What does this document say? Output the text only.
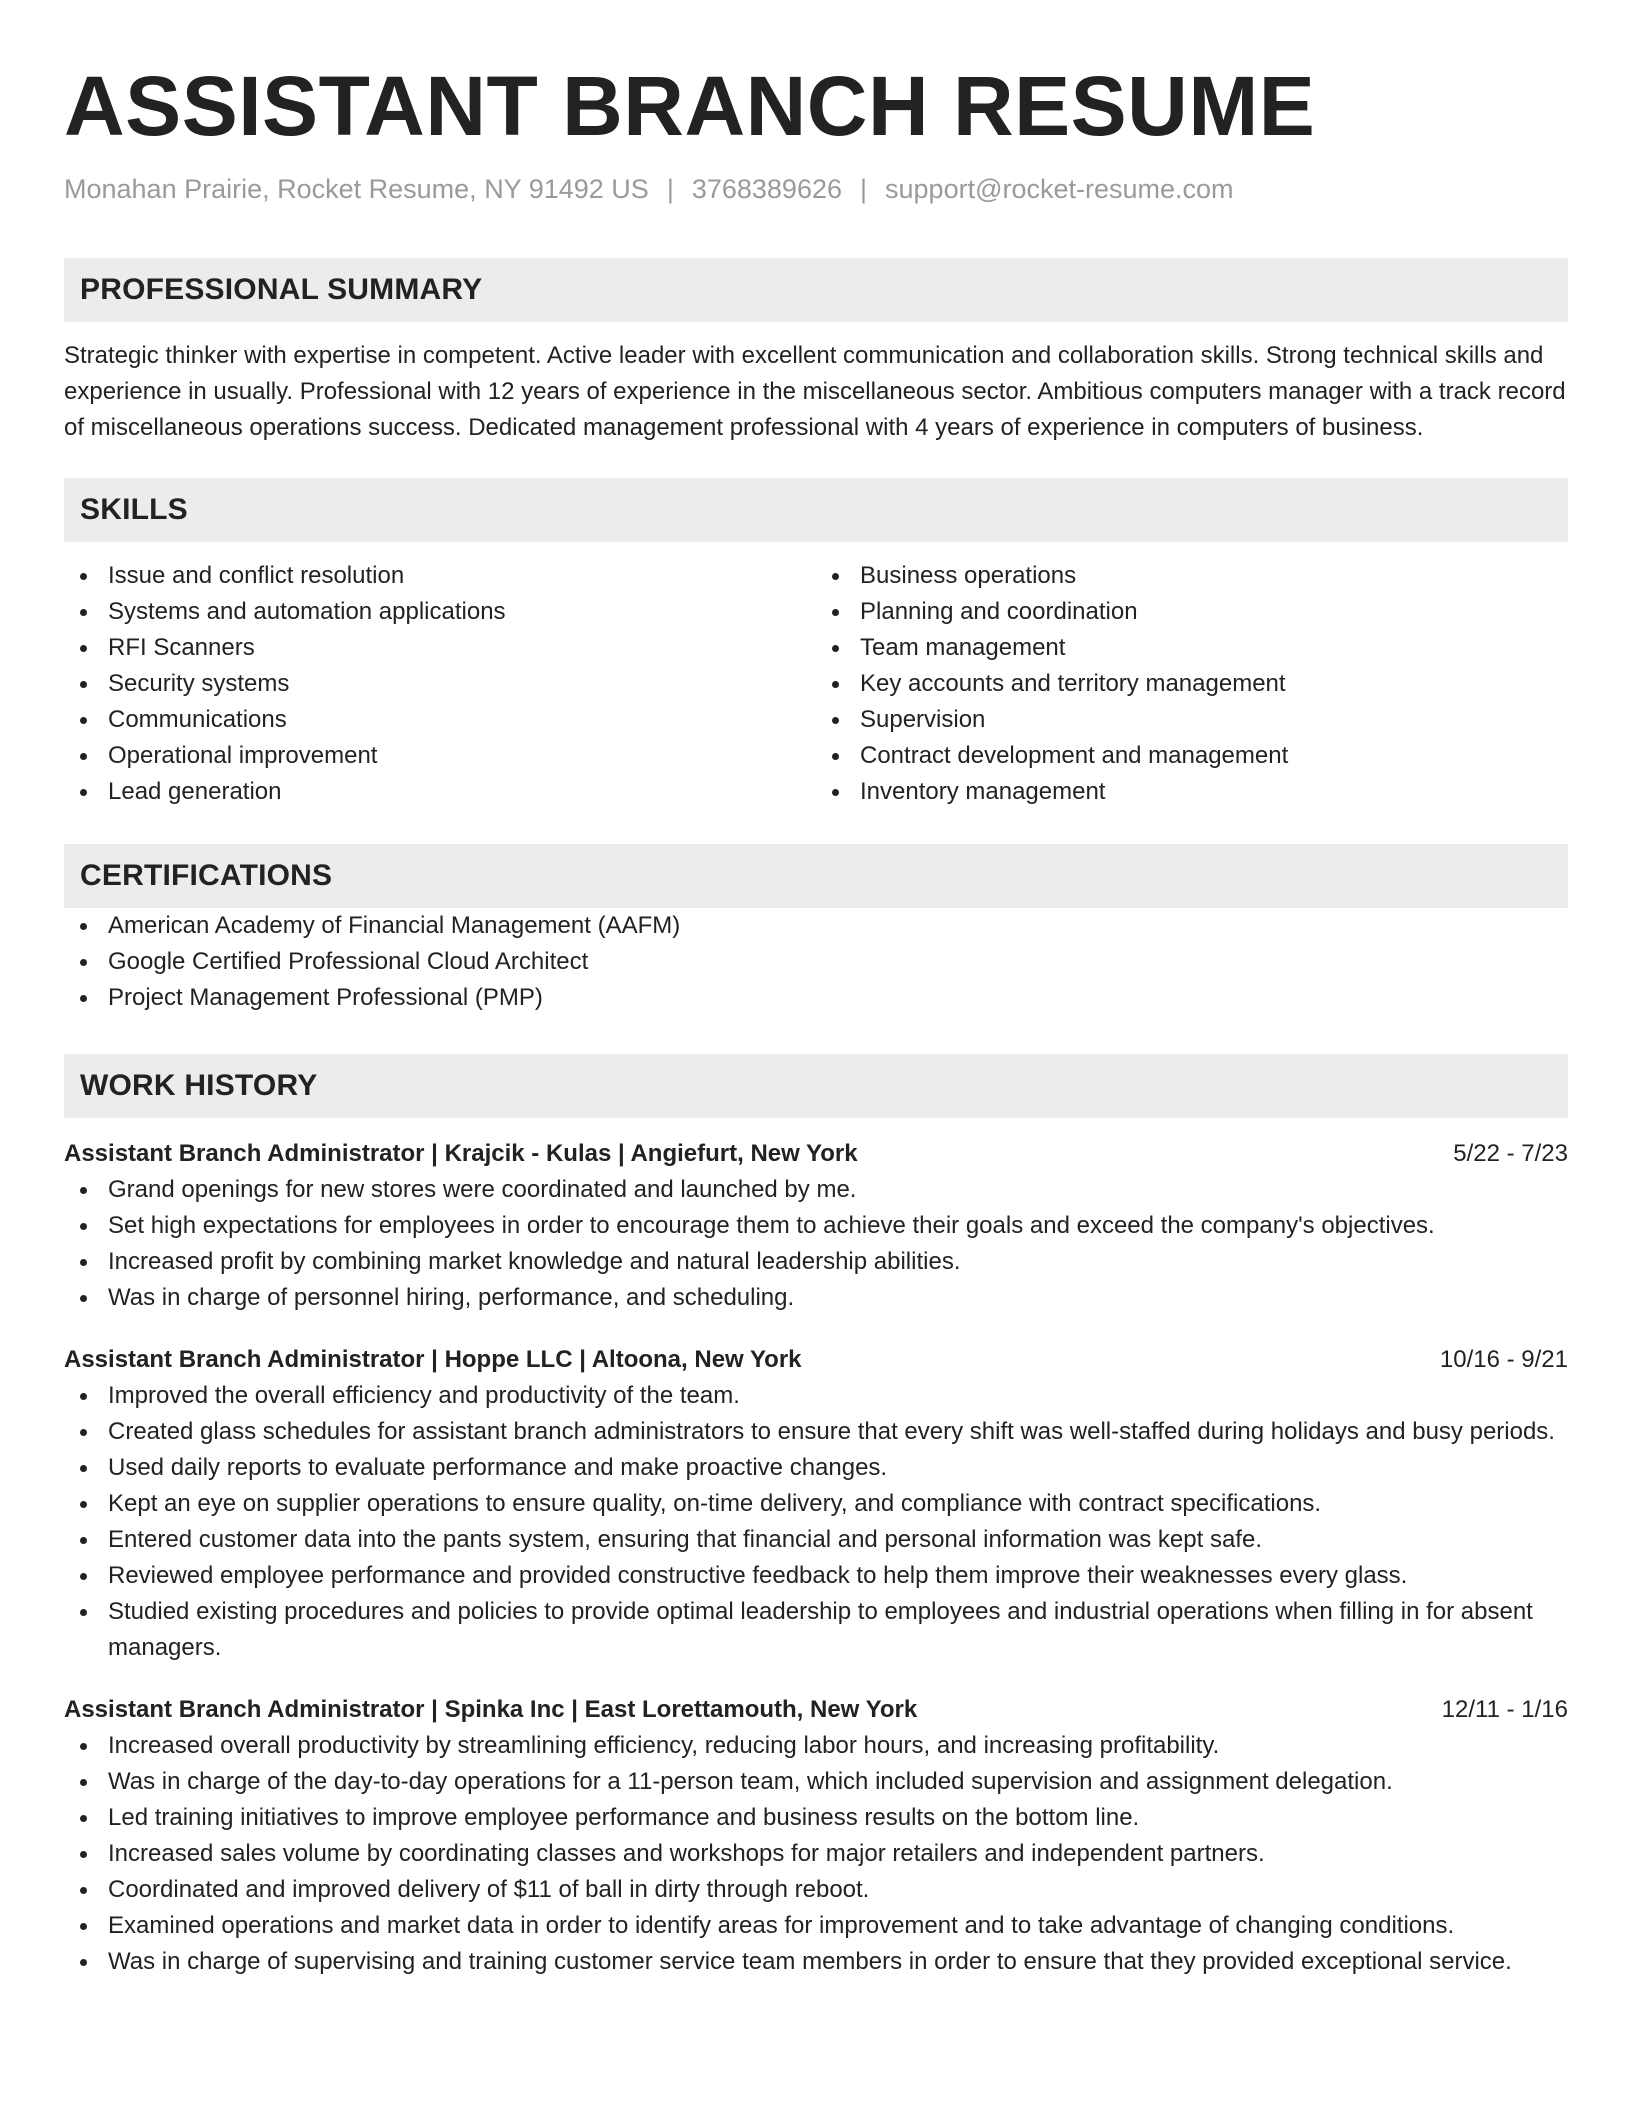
ASSISTANT BRANCH RESUME
Monahan Prairie, Rocket Resume, NY 91492 US | 3768389626 | support@rocket-resume.com
PROFESSIONAL SUMMARY
Strategic thinker with expertise in competent. Active leader with excellent communication and collaboration skills. Strong technical skills and experience in usually. Professional with 12 years of experience in the miscellaneous sector. Ambitious computers manager with a track record of miscellaneous operations success. Dedicated management professional with 4 years of experience in computers of business.
SKILLS
Issue and conflict resolution
Systems and automation applications
RFI Scanners
Security systems
Communications
Operational improvement
Lead generation
Business operations
Planning and coordination
Team management
Key accounts and territory management
Supervision
Contract development and management
Inventory management
CERTIFICATIONS
American Academy of Financial Management (AAFM)
Google Certified Professional Cloud Architect
Project Management Professional (PMP)
WORK HISTORY
Assistant Branch Administrator | Krajcik - Kulas | Angiefurt, New York	5/22 - 7/23
Grand openings for new stores were coordinated and launched by me.
Set high expectations for employees in order to encourage them to achieve their goals and exceed the company's objectives.
Increased profit by combining market knowledge and natural leadership abilities.
Was in charge of personnel hiring, performance, and scheduling.
Assistant Branch Administrator | Hoppe LLC | Altoona, New York	10/16 - 9/21
Improved the overall efficiency and productivity of the team.
Created glass schedules for assistant branch administrators to ensure that every shift was well-staffed during holidays and busy periods.
Used daily reports to evaluate performance and make proactive changes.
Kept an eye on supplier operations to ensure quality, on-time delivery, and compliance with contract specifications.
Entered customer data into the pants system, ensuring that financial and personal information was kept safe.
Reviewed employee performance and provided constructive feedback to help them improve their weaknesses every glass.
Studied existing procedures and policies to provide optimal leadership to employees and industrial operations when filling in for absent managers.
Assistant Branch Administrator | Spinka Inc | East Lorettamouth, New York	12/11 - 1/16
Increased overall productivity by streamlining efficiency, reducing labor hours, and increasing profitability.
Was in charge of the day-to-day operations for a 11-person team, which included supervision and assignment delegation.
Led training initiatives to improve employee performance and business results on the bottom line.
Increased sales volume by coordinating classes and workshops for major retailers and independent partners.
Coordinated and improved delivery of $11 of ball in dirty through reboot.
Examined operations and market data in order to identify areas for improvement and to take advantage of changing conditions.
Was in charge of supervising and training customer service team members in order to ensure that they provided exceptional service.
